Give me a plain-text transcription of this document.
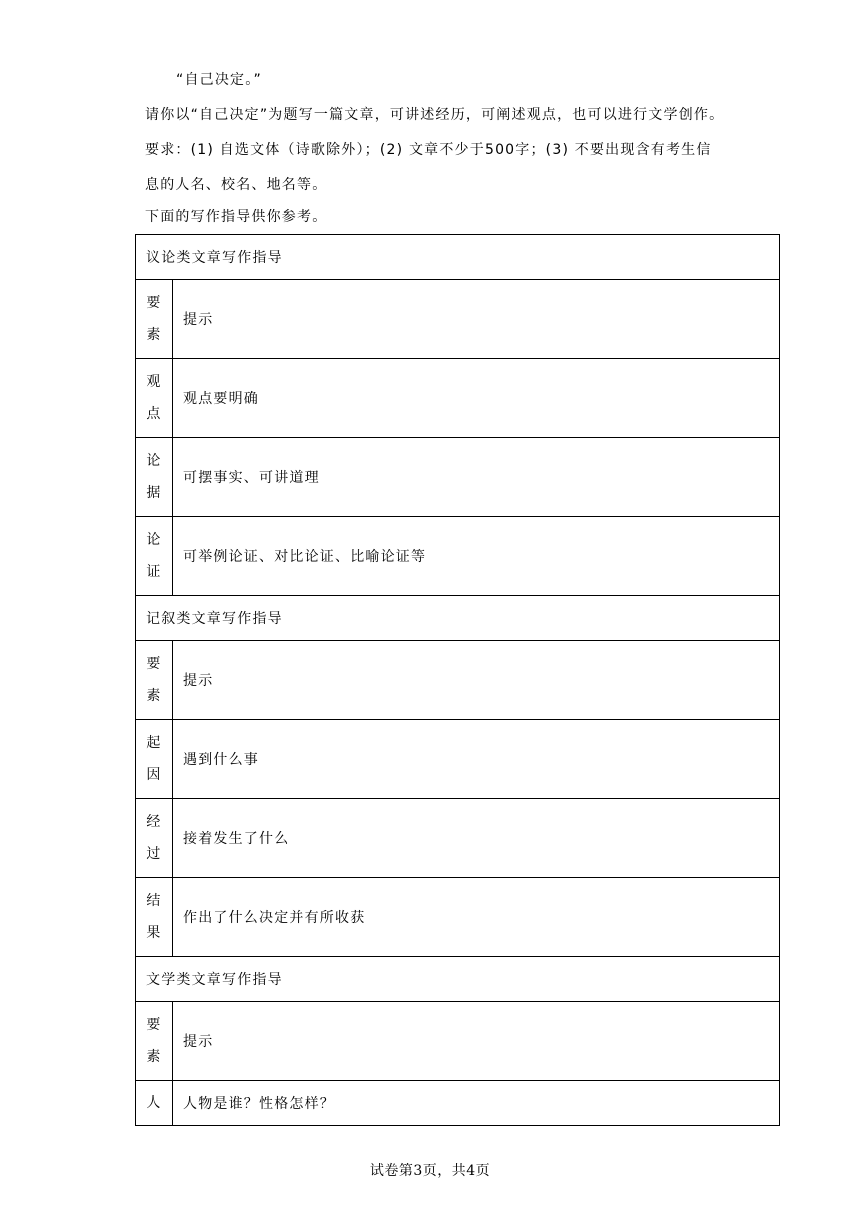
“自己决定。”
请你以“自己决定”为题写一篇文章，可讲述经历，可阐述观点，也可以进行文学创作。
要求：(1) 自选文体（诗歌除外）；(2) 文章不少于500字；(3) 不要出现含有考生信
息的人名、校名、地名等。
下面的写作指导供你参考。
议论类文章写作指导	

要
素	提示

观
点	观点要明确

论
据	可摆事实、可讲道理

论
证	可举例论证、对比论证、比喻论证等
记叙类文章写作指导	

要
素	提示

起
因	遇到什么事

经
过	接着发生了什么

结
果	作出了什么决定并有所收获
文学类文章写作指导	

要
素	提示

人	人物是谁？性格怎样？
试卷第3页，共4页
